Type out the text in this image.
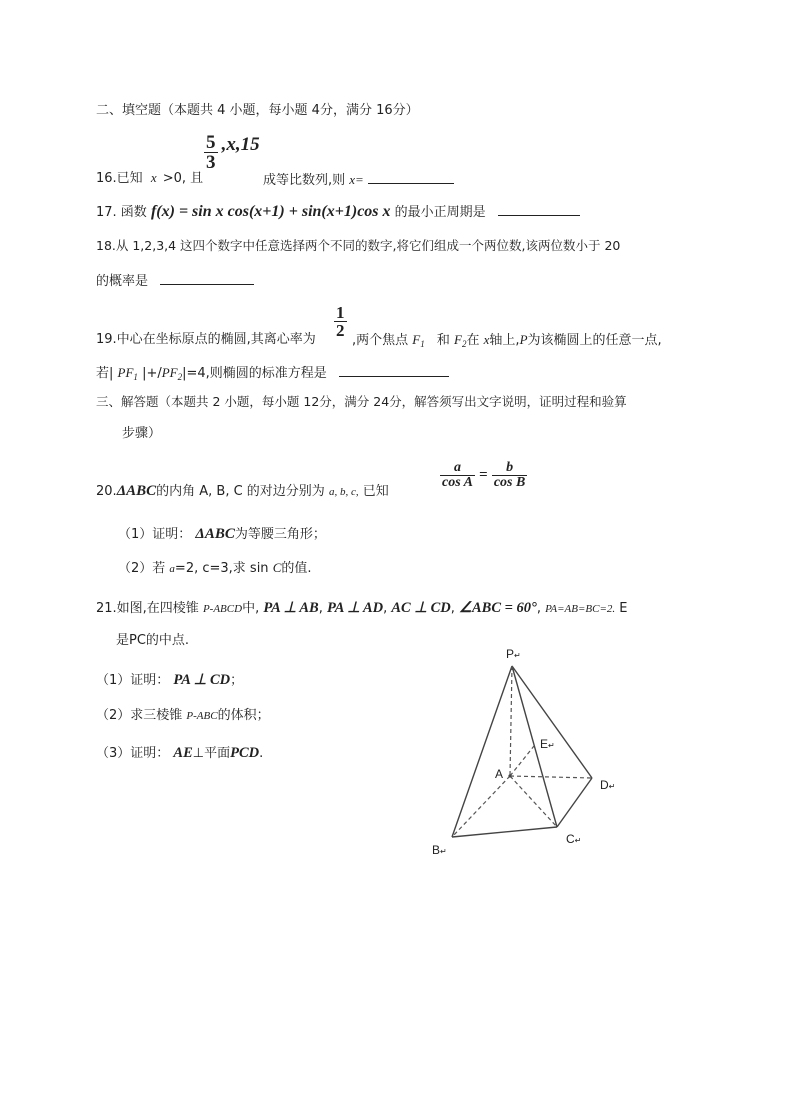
二、填空题（本题共 4 小题，每小题 4分，满分 16分）
16.已知 x >0, 且
$\frac{5}{3} ,x,15$
成等比数列,则 x=
17. 函数 f(x) = sin x cos(x+1) + sin(x+1)cos x 的最小正周期是
18.从 1,2,3,4 这四个数字中任意选择两个不同的数字,将它们组成一个两位数,该两位数小于 20
的概率是
$\frac{1}{2}$
19.中心在坐标原点的椭圆,其离心率为	,两个焦点 $F_1$ 和 $F_2$在 x轴上,P为该椭圆上的任意一点,
若| $PF_1$ $|+/PF_2|=4$,则椭圆的标准方程是
三、解答题（本题共 2 小题，每小题 12分，满分 24分，解答须写出文字说明，证明过程和验算
步骤）
20.ΔABC的内角 A, B, C 的对边分别为 a, b, c, 已知
$\frac{a}{\text{cos A}} = \frac{b}{\text{cos B}}$
（1）证明： ΔABC为等腰三角形；
（2）若 a=2, c=3,求 sin C的值.
21.如图,在四棱锥 P-ABCD中, PA ⊥ AB, PA ⊥ AD, AC ⊥ CD, ∠ABC = 60°, PA=AB=BC=2. E
是PC的中点.
（1）证明： PA ⊥ CD；
（2）求三棱锥 P-ABC的体积；
（3）证明： AE⊥平面PCD.
P↵
E↵
A
D↵
C↵
B↵
